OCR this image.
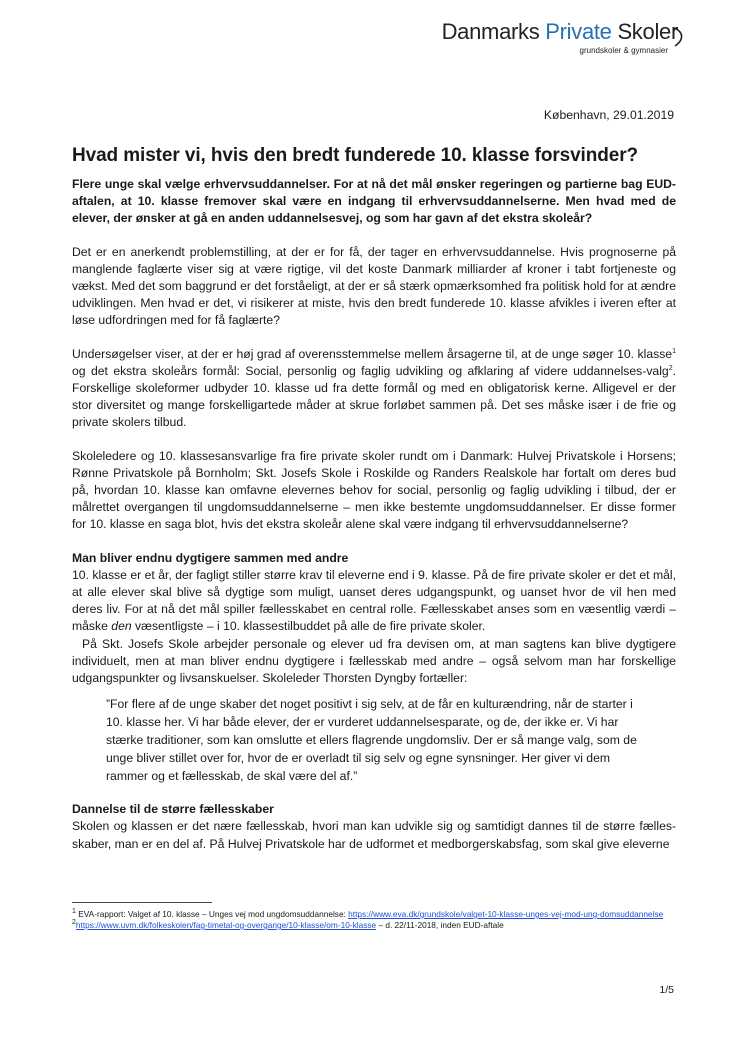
Danmarks Private Skoler
grundskoler & gymnasier
København, 29.01.2019
Hvad mister vi, hvis den bredt funderede 10. klasse forsvinder?

Flere unge skal vælge erhvervsuddannelser. For at nå det mål ønsker regeringen og partierne bag EUD-aftalen, at 10. klasse fremover skal være en indgang til erhvervsuddannelserne. Men hvad med de elever, der ønsker at gå en anden uddannelsesvej, og som har gavn af det ekstra skoleår?

Det er en anerkendt problemstilling, at der er for få, der tager en erhvervsuddannelse. Hvis prognoserne på manglende faglærte viser sig at være rigtige, vil det koste Danmark milliarder af kroner i tabt fortjeneste og vækst. Med det som baggrund er det forståeligt, at der er så stærk opmærksomhed fra politisk hold for at ændre udviklingen. Men hvad er det, vi risikerer at miste, hvis den bredt funderede 10. klasse afvikles i iveren efter at løse udfordringen med for få faglærte?

Undersøgelser viser, at der er høj grad af overensstemmelse mellem årsagerne til, at de unge søger 10. klasse$^1$ og det ekstra skoleårs formål: Social, personlig og faglig udvikling og afklaring af videre uddannelses-valg$^2$. Forskellige skoleformer udbyder 10. klasse ud fra dette formål og med en obligatorisk kerne. Alligevel er der stor diversitet og mange forskelligartede måder at skrue forløbet sammen på. Det ses måske især i de frie og private skolers tilbud.

Skoleledere og 10. klassesansvarlige fra fire private skoler rundt om i Danmark: Hulvej Privatskole i Horsens; Rønne Privatskole på Bornholm; Skt. Josefs Skole i Roskilde og Randers Realskole har fortalt om deres bud på, hvordan 10. klasse kan omfavne elevernes behov for social, personlig og faglig udvikling i tilbud, der er målrettet overgangen til ungdomsuddannelserne – men ikke bestemte ungdomsuddannelser. Er disse former for 10. klasse en saga blot, hvis det ekstra skoleår alene skal være indgang til erhvervsuddannelserne?

Man bliver endnu dygtigere sammen med andre

10. klasse er et år, der fagligt stiller større krav til eleverne end i 9. klasse. På de fire private skoler er det et mål, at alle elever skal blive så dygtige som muligt, uanset deres udgangspunkt, og uanset hvor de vil hen med deres liv. For at nå det mål spiller fællesskabet en central rolle. Fællesskabet anses som en væsentlig værdi – måske den væsentligste – i 10. klassestilbuddet på alle de fire private skoler.

På Skt. Josefs Skole arbejder personale og elever ud fra devisen om, at man sagtens kan blive dygtigere individuelt, men at man bliver endnu dygtigere i fællesskab med andre – også selvom man har forskellige udgangspunkter og livsanskuelser. Skoleleder Thorsten Dyngby fortæller:

”For flere af de unge skaber det noget positivt i sig selv, at de får en kulturændring, når de starter i 10. klasse her. Vi har både elever, der er vurderet uddannelsesparate, og de, der ikke er. Vi har stærke traditioner, som kan omslutte et ellers flagrende ungdomsliv. Der er så mange valg, som de unge bliver stillet over for, hvor de er overladt til sig selv og egne synsninger. Her giver vi dem rammer og et fællesskab, de skal være del af.”
Dannelse til de større fællesskaber

Skolen og klassen er det nære fællesskab, hvori man kan udvikle sig og samtidigt dannes til de større fælles-skaber, man er en del af. På Hulvej Privatskole har de udformet et medborgerskabsfag, som skal give eleverne

$^1$ EVA-rapport: Valget af 10. klasse – Unges vej mod ungdomsuddannelse: https://www.eva.dk/grundskole/valget-10-klasse-unges-vej-mod-ung-domsuddannelse
$^2$https://www.uvm.dk/folkeskolen/fag-timetal-og-overgange/10-klasse/om-10-klasse – d. 22/11-2018, inden EUD-aftale
1/5
